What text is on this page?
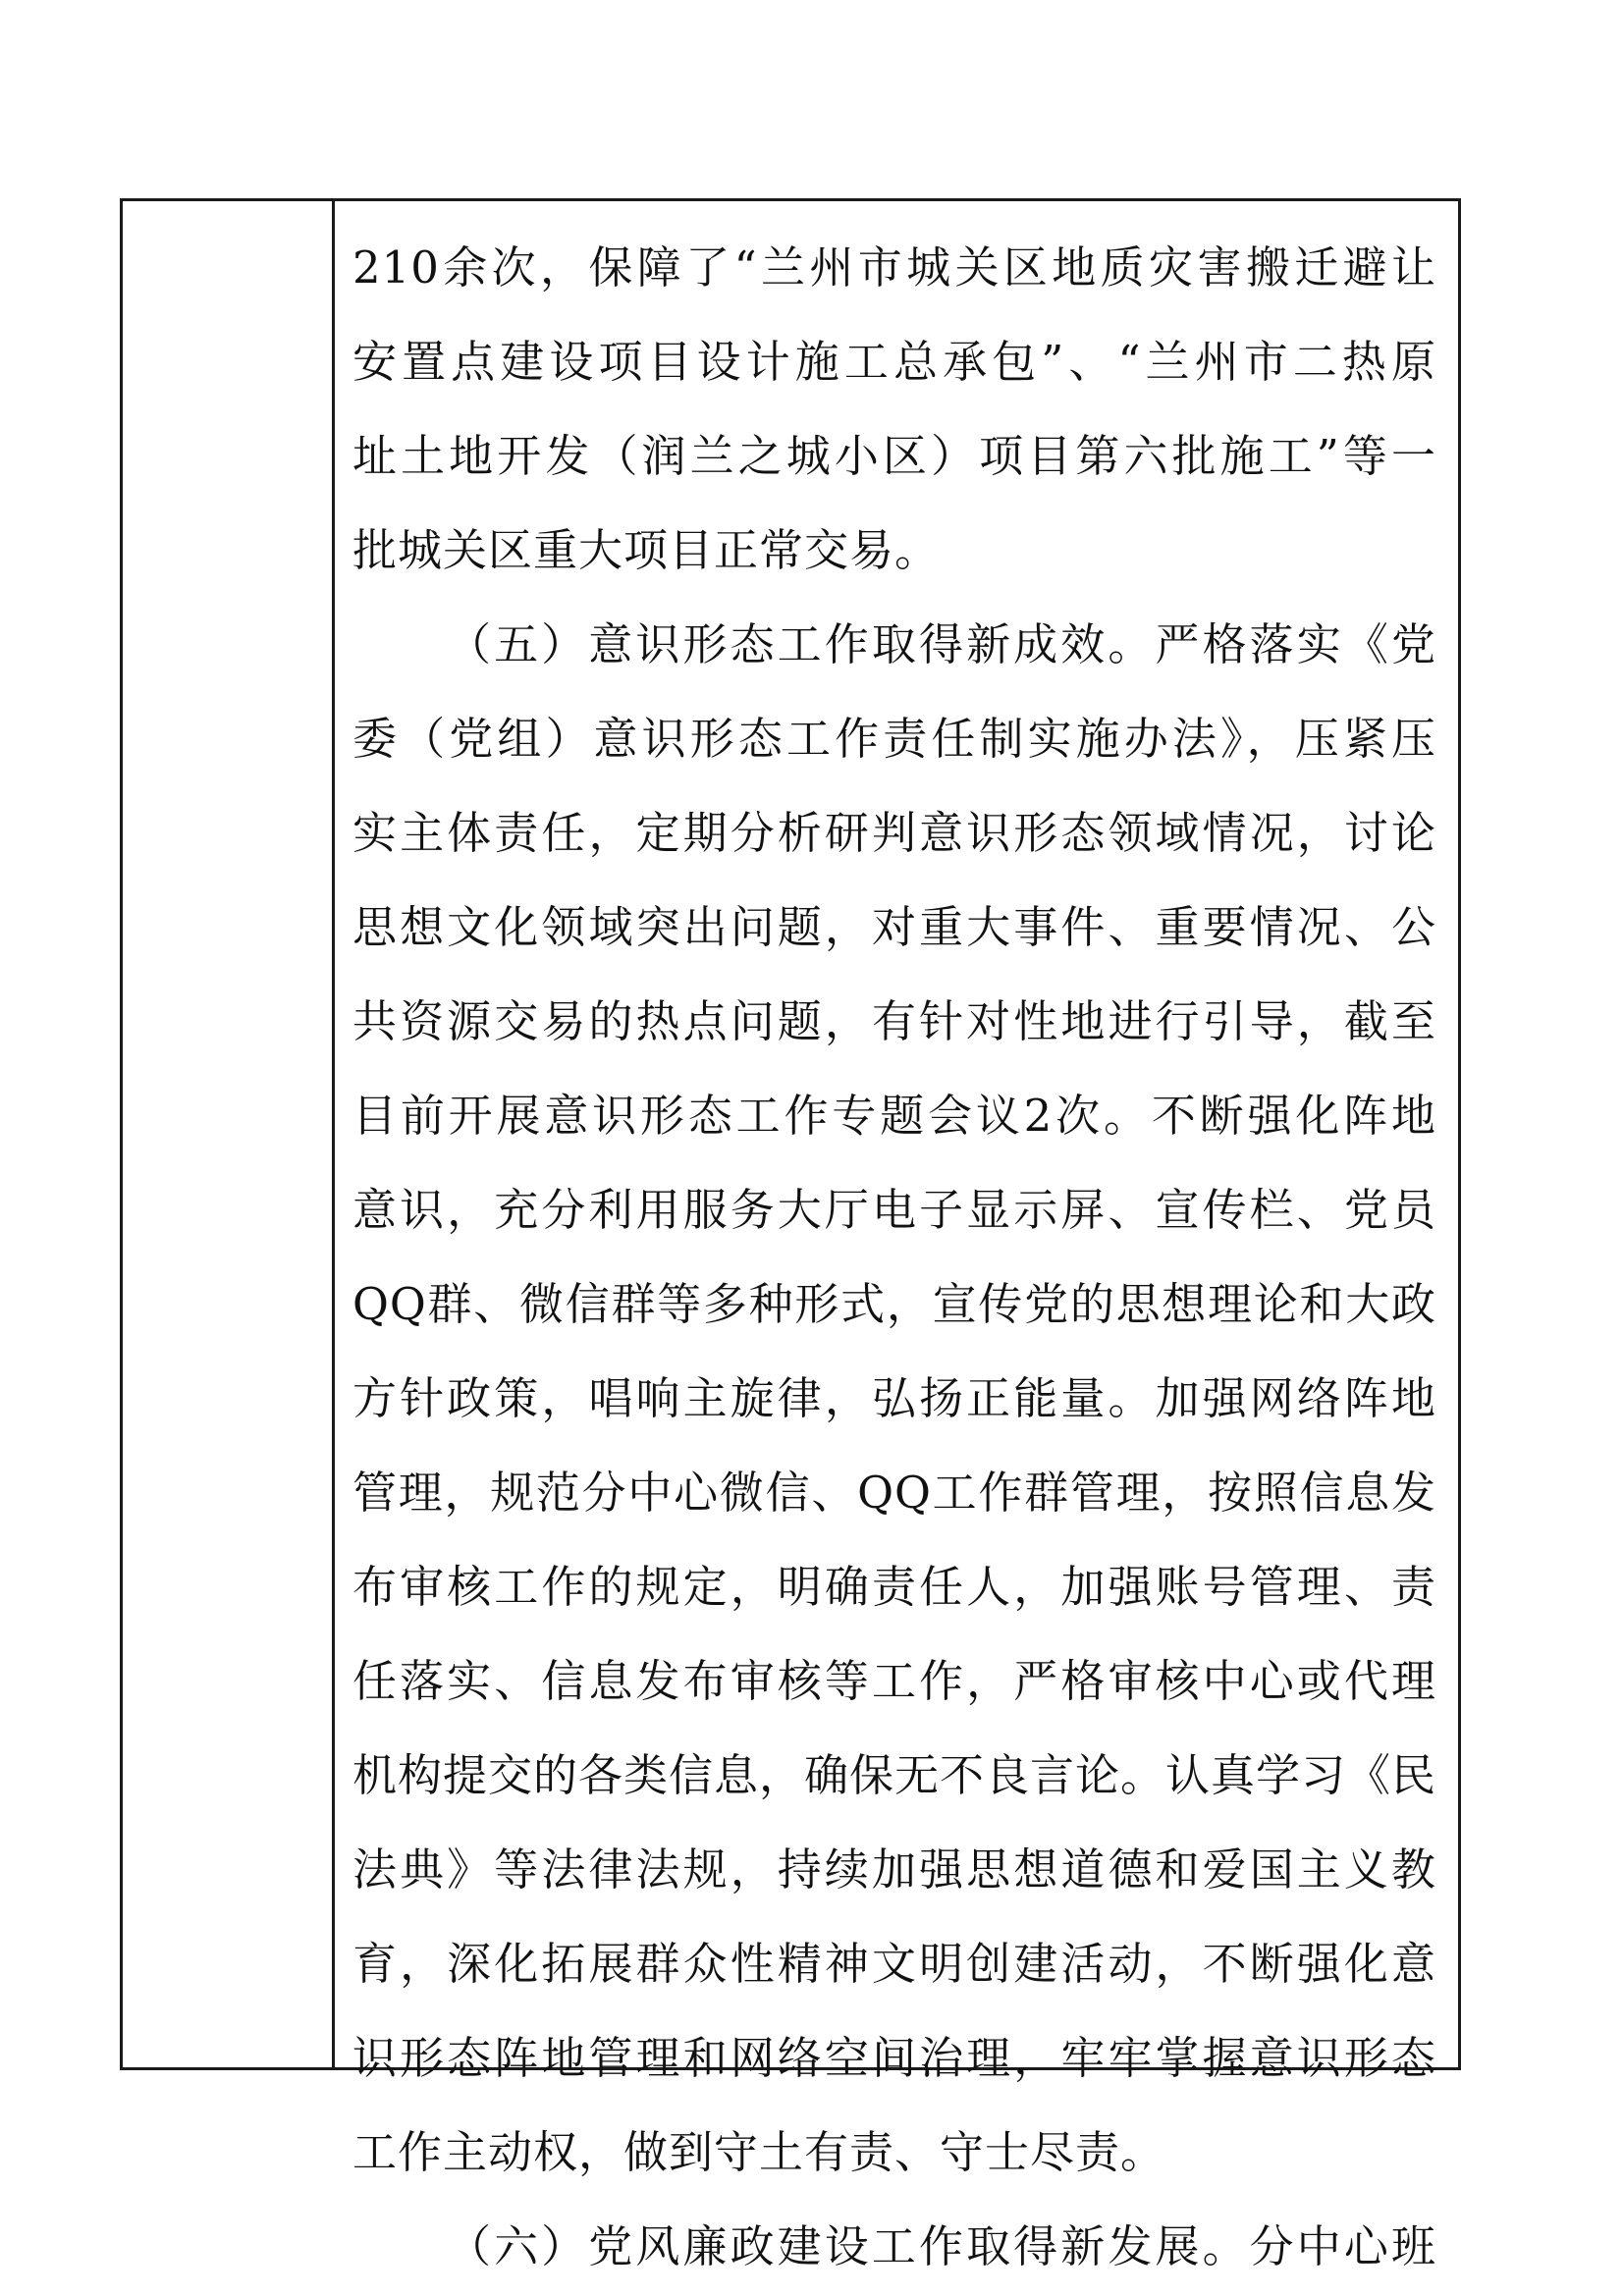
210余次，保障了“兰州市城关区地质灾害搬迁避让
安置点建设项目设计施工总承包”、“兰州市二热原
址土地开发（润兰之城小区）项目第六批施工”等一
批城关区重大项目正常交易。
（五）意识形态工作取得新成效。严格落实《党
委（党组）意识形态工作责任制实施办法》，压紧压
实主体责任，定期分析研判意识形态领域情况，讨论
思想文化领域突出问题，对重大事件、重要情况、公
共资源交易的热点问题，有针对性地进行引导，截至
目前开展意识形态工作专题会议2次。不断强化阵地
意识，充分利用服务大厅电子显示屏、宣传栏、党员
QQ群、微信群等多种形式，宣传党的思想理论和大政
方针政策，唱响主旋律，弘扬正能量。加强网络阵地
管理，规范分中心微信、QQ工作群管理，按照信息发
布审核工作的规定，明确责任人，加强账号管理、责
任落实、信息发布审核等工作，严格审核中心或代理
机构提交的各类信息，确保无不良言论。认真学习《民
法典》等法律法规，持续加强思想道德和爱国主义教
育，深化拓展群众性精神文明创建活动，不断强化意
识形态阵地管理和网络空间治理，牢牢掌握意识形态
工作主动权，做到守土有责、守士尽责。
（六）党风廉政建设工作取得新发展。分中心班
